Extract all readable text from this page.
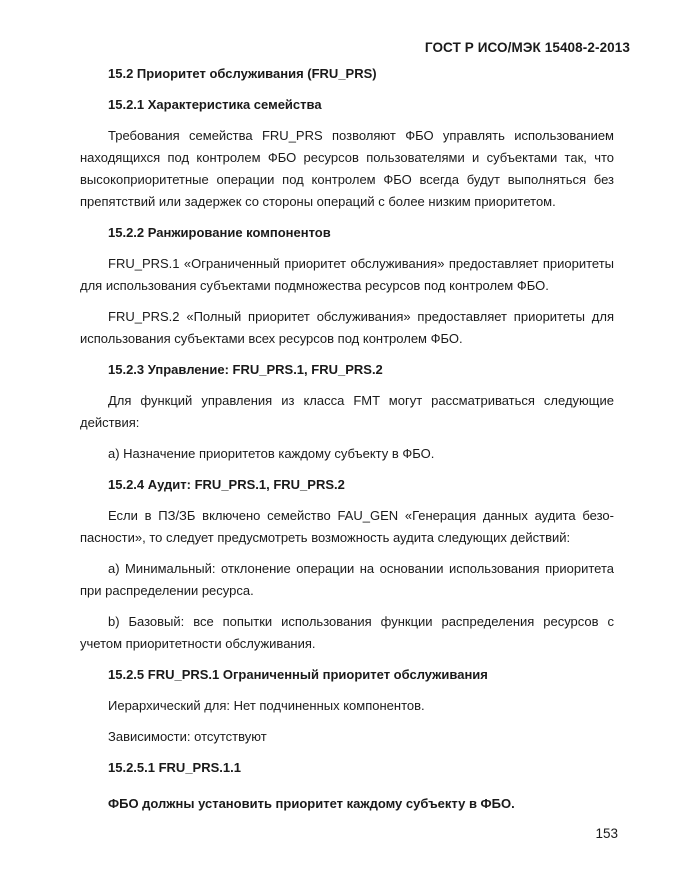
ГОСТ Р ИСО/МЭК 15408-2-2013
15.2 Приоритет обслуживания (FRU_PRS)
15.2.1 Характеристика семейства
Требования семейства FRU_PRS позволяют ФБО управлять использованием находящихся под контролем ФБО ресурсов пользователями и субъектами так, что высокоприоритетные операции под контролем ФБО всегда будут выполняться без препятствий или задержек со стороны операций с более низким приоритетом.
15.2.2 Ранжирование компонентов
FRU_PRS.1 «Ограниченный приоритет обслуживания» предоставляет приоритеты для использования субъектами подмножества ресурсов под контролем ФБО.
FRU_PRS.2 «Полный приоритет обслуживания» предоставляет приоритеты для использования субъектами всех ресурсов под контролем ФБО.
15.2.3 Управление: FRU_PRS.1, FRU_PRS.2
Для функций управления из класса FMT могут рассматриваться следующие действия:
а) Назначение приоритетов каждому субъекту в ФБО.
15.2.4 Аудит: FRU_PRS.1, FRU_PRS.2
Если в ПЗ/ЗБ включено семейство FAU_GEN «Генерация данных аудита безопасности», то следует предусмотреть возможность аудита следующих действий:
а) Минимальный: отклонение операции на основании использования приоритета при распределении ресурса.
b) Базовый: все попытки использования функции распределения ресурсов с учетом приоритетности обслуживания.
15.2.5 FRU_PRS.1 Ограниченный приоритет обслуживания
Иерархический для: Нет подчиненных компонентов.
Зависимости: отсутствуют
15.2.5.1 FRU_PRS.1.1
ФБО должны установить приоритет каждому субъекту в ФБО.
153
